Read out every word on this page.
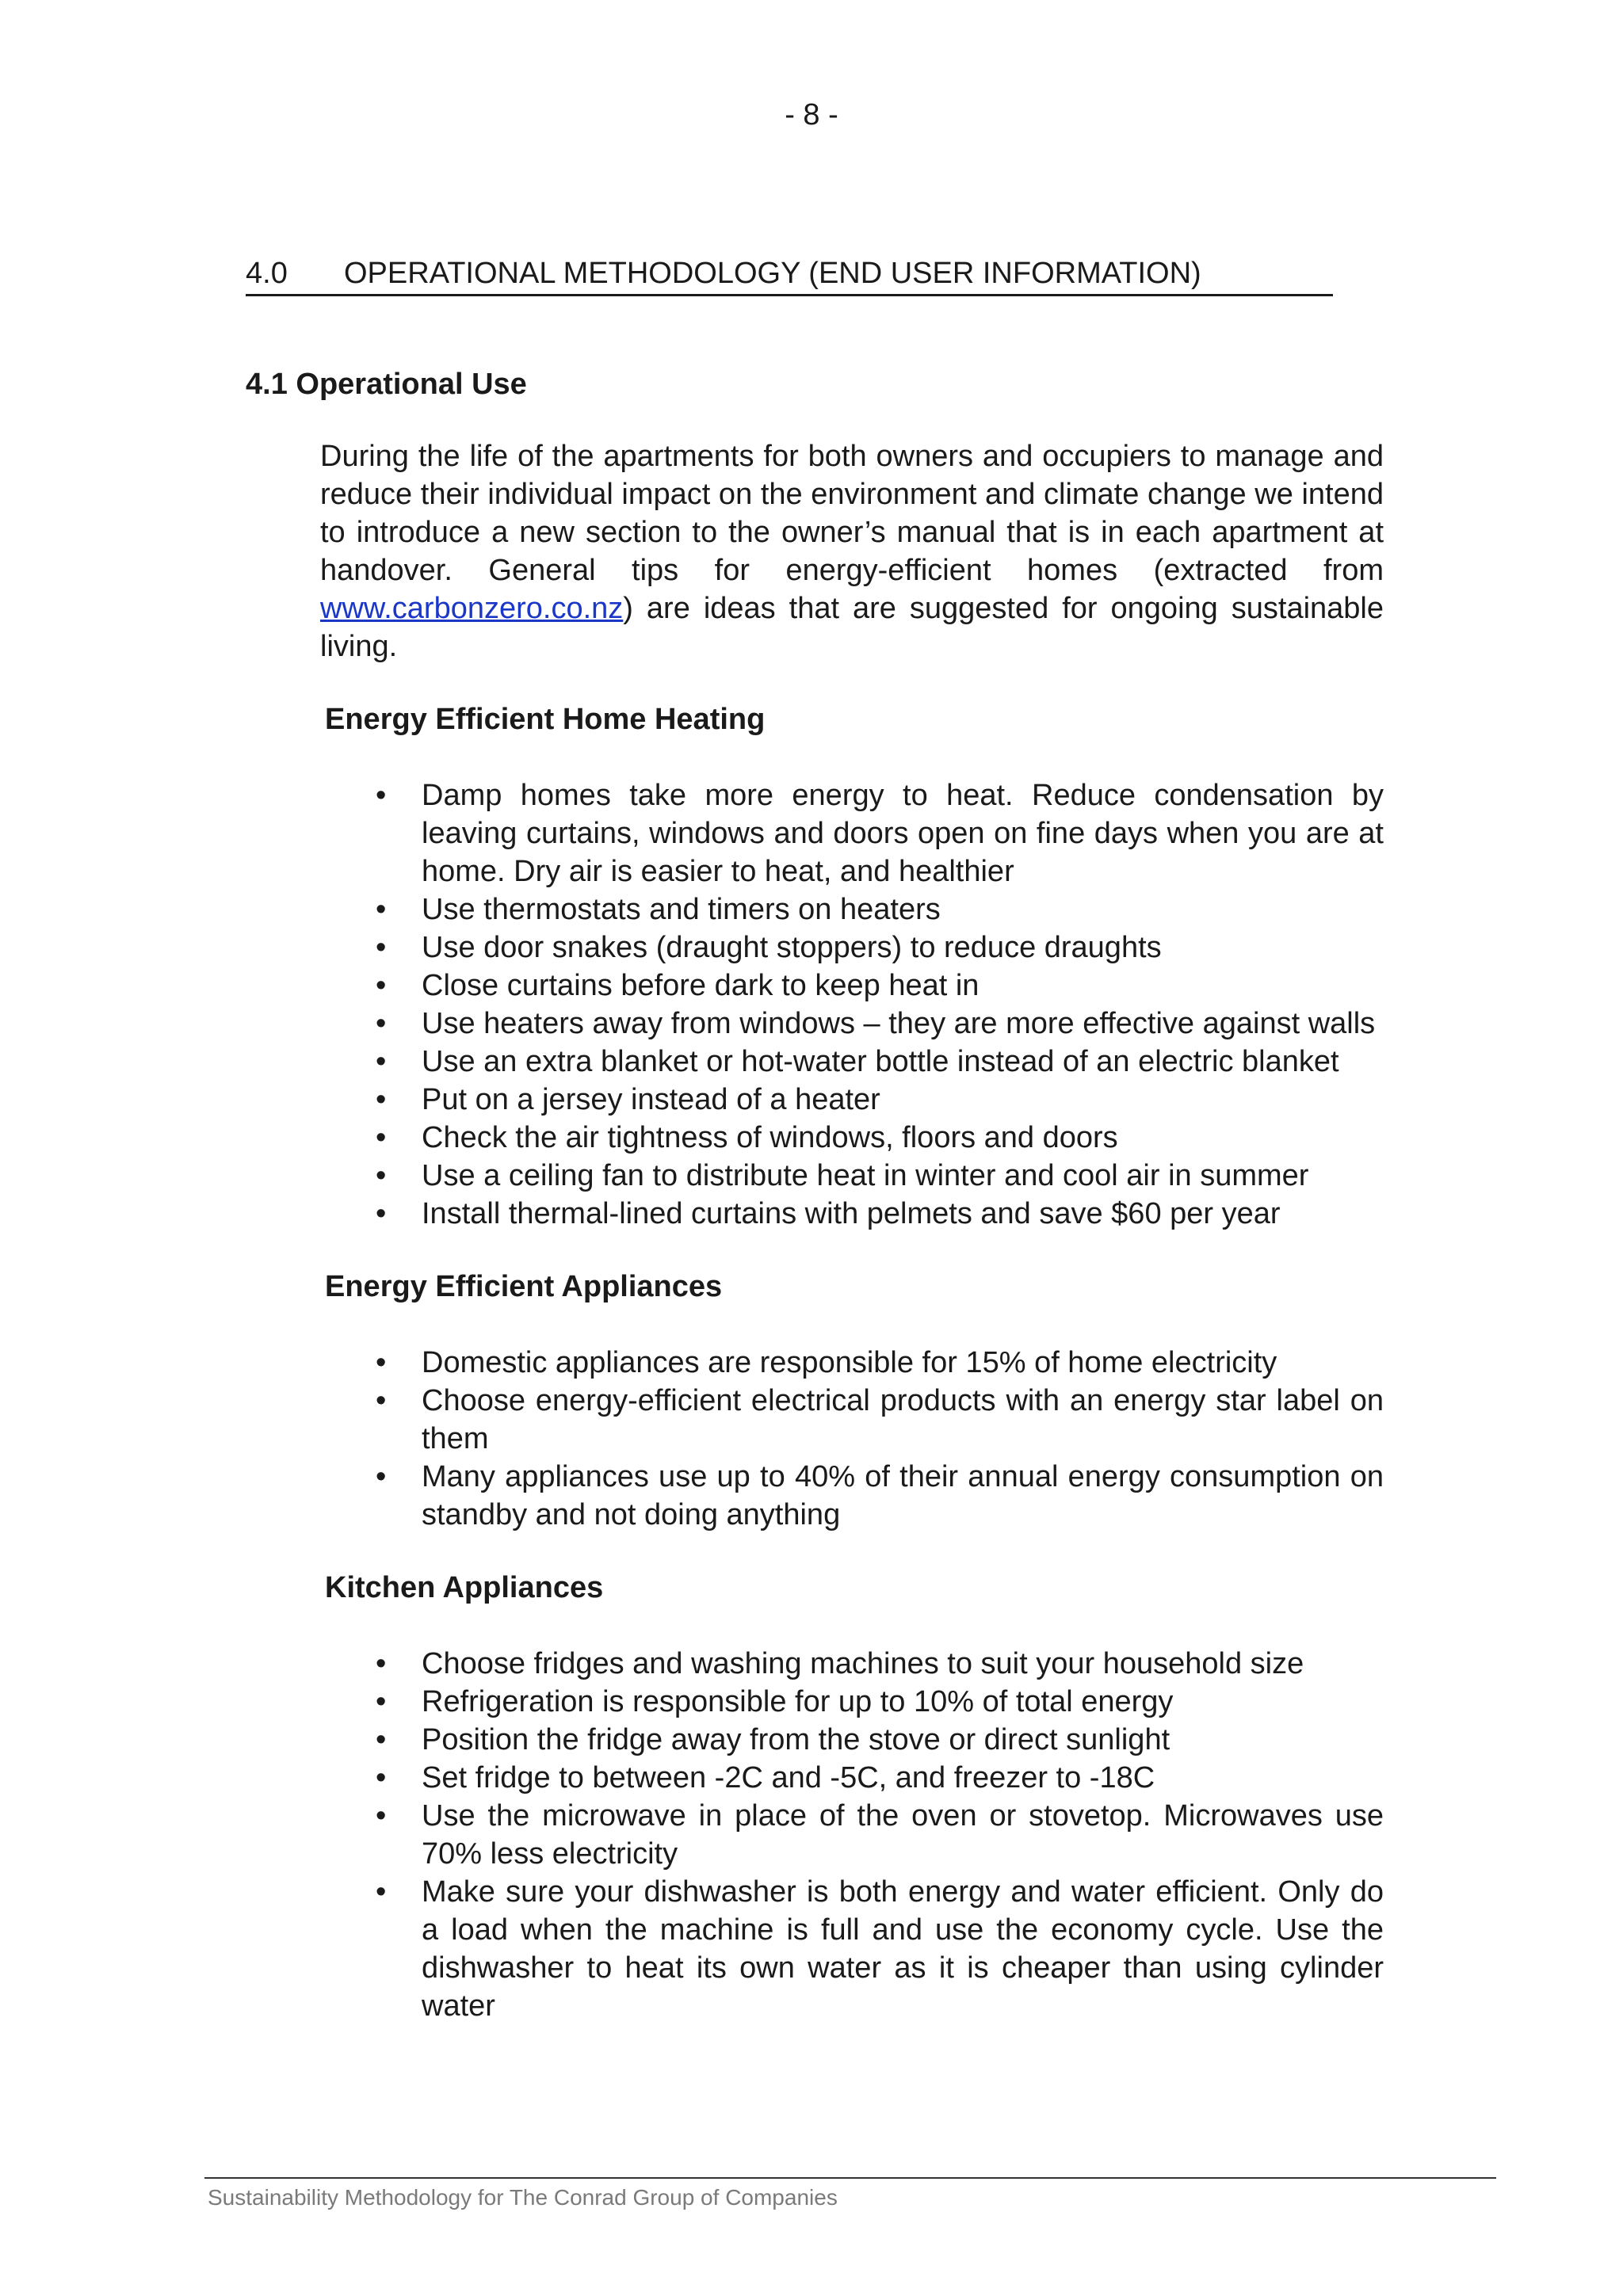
- 8 -
4.0 OPERATIONAL METHODOLOGY (END USER INFORMATION)
4.1 Operational Use

During the life of the apartments for both owners and occupiers to manage and reduce their individual impact on the environment and climate change we intend to introduce a new section to the owner’s manual that is in each apartment at handover. General tips for energy-efficient homes (extracted from www.carbonzero.co.nz) are ideas that are suggested for ongoing sustainable living.

Energy Efficient Home Heating
• Damp homes take more energy to heat. Reduce condensation by leaving curtains, windows and doors open on fine days when you are at home. Dry air is easier to heat, and healthier
• Use thermostats and timers on heaters
• Use door snakes (draught stoppers) to reduce draughts
• Close curtains before dark to keep heat in
• Use heaters away from windows – they are more effective against walls
• Use an extra blanket or hot-water bottle instead of an electric blanket
• Put on a jersey instead of a heater
• Check the air tightness of windows, floors and doors
• Use a ceiling fan to distribute heat in winter and cool air in summer
• Install thermal-lined curtains with pelmets and save $60 per year
Energy Efficient Appliances
• Domestic appliances are responsible for 15% of home electricity
• Choose energy-efficient electrical products with an energy star label on them
• Many appliances use up to 40% of their annual energy consumption on standby and not doing anything
Kitchen Appliances
• Choose fridges and washing machines to suit your household size
• Refrigeration is responsible for up to 10% of total energy
• Position the fridge away from the stove or direct sunlight
• Set fridge to between -2C and -5C, and freezer to -18C
• Use the microwave in place of the oven or stovetop. Microwaves use 70% less electricity
• Make sure your dishwasher is both energy and water efficient. Only do a load when the machine is full and use the economy cycle. Use the dishwasher to heat its own water as it is cheaper than using cylinder water
Sustainability Methodology for The Conrad Group of Companies
